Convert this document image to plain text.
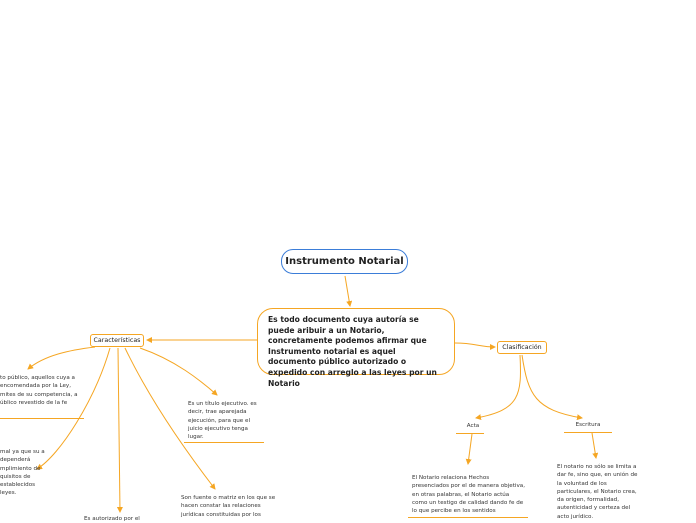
Instrumento Notarial
Es todo documento cuya autoría se puede aribuir a un Notario, concretamente podemos afirmar que Instrumento notarial es aquel documento público autorizado o expedido con arreglo a las leyes por un Notario
Características
Clasificación
to público, aquellos cuya a encomendada por la Ley, mites de su competencia, a úblico revestido de la fe
mal ya que su a dependerá mplimiento de quisitos de establecidos leyes.
Es un título ejecutivo. es decir, trae aparejada ejecución, para que el juicio ejecutivo tenga lugar.
Son fuente o matriz en los que se hacen constar las relaciones jurídicas constituidas por los
Es autorizado por el
Acta	Escritura
El Notario relaciona Hechos presenciados por el de manera objetiva, en otras palabras, el Notario actúa como un testigo de calidad dando fe de lo que percibe en los sentidos
El notario no sólo se limita a dar fe, sino que, en unión de la voluntad de los particulares, el Notario crea, da origen, formalidad, autenticidad y certeza del acto jurídico.
